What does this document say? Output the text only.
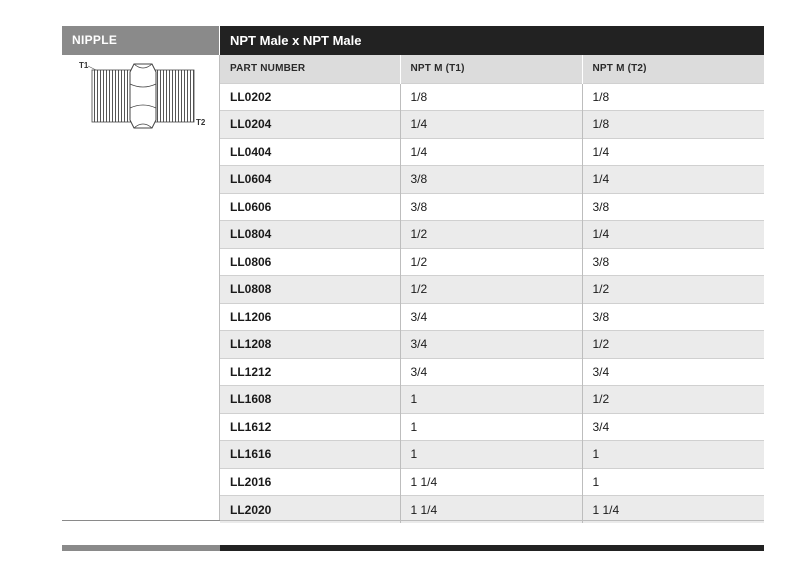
NIPPLE
T1
T2
NPT Male x NPT Male
PART NUMBER	NPT M (T1)	NPT M (T2)
LL0202	1/8	1/8
LL0204	1/4	1/8
LL0404	1/4	1/4
LL0604	3/8	1/4
LL0606	3/8	3/8
LL0804	1/2	1/4
LL0806	1/2	3/8
LL0808	1/2	1/2
LL1206	3/4	3/8
LL1208	3/4	1/2
LL1212	3/4	3/4
LL1608	1	1/2
LL1612	1	3/4
LL1616	1	1
LL2016	1 1/4	1
LL2020	1 1/4	1 1/4
